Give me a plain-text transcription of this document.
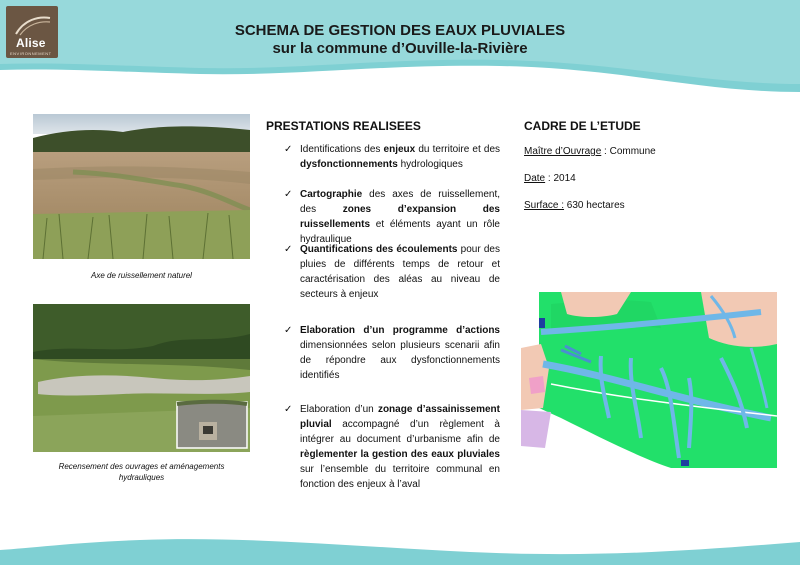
Alise
ENVIRONNEMENT
SCHEMA DE GESTION DES EAUX PLUVIALES
sur la commune d’Ouville-la-Rivière
Axe de ruissellement naturel
Recensement des ouvrages et aménagements
hydrauliques
PRESTATIONS REALISEES
✓ Identifications des enjeux du territoire et des dysfonctionnements hydrologiques
✓ Cartographie des axes de ruissellement, des zones d’expansion des ruissellements et éléments ayant un rôle hydraulique
✓ Quantifications des écoulements pour des pluies de différents temps de retour et caractérisation des aléas au niveau de secteurs à enjeux
✓ Elaboration d’un programme d’actions dimensionnées selon plusieurs scenarii afin de répondre aux dysfonctionnements identifiés
✓ Elaboration d’un zonage d’assainissement pluvial accompagné d’un règlement à intégrer au document d’urbanisme afin de règlementer la gestion des eaux pluviales sur l’ensemble du territoire communal en fonction des enjeux à l’aval
CADRE DE L’ETUDE
Maître d’Ouvrage : Commune
Date : 2014
Surface : 630 hectares
